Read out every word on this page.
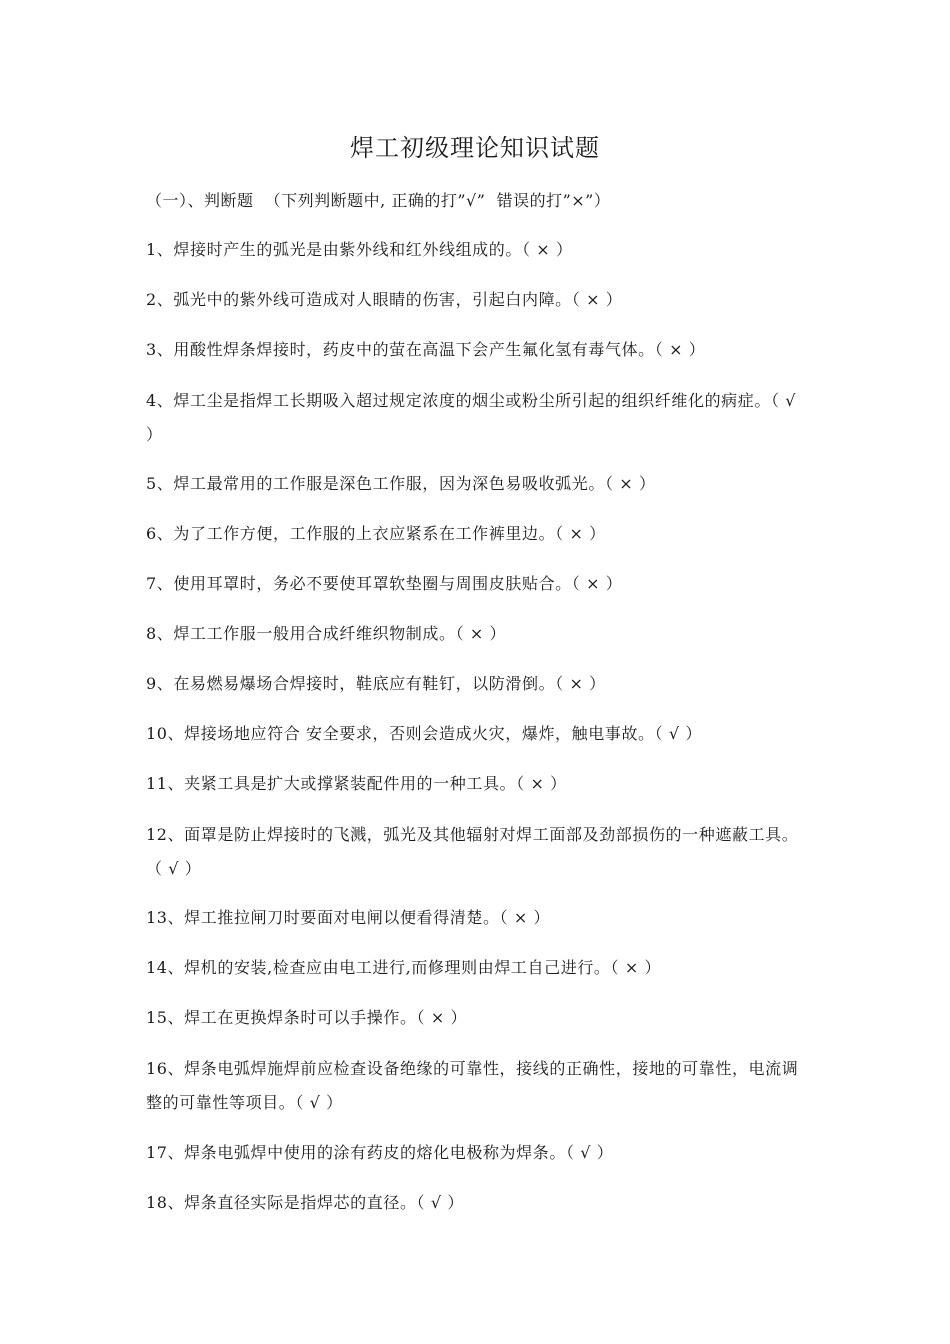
焊工初级理论知识试题
（一）、判断题  （下列判断题中, 正确的打”√”  错误的打”×”）
1、焊接时产生的弧光是由紫外线和红外线组成的。（ × ）
2、弧光中的紫外线可造成对人眼睛的伤害，引起白内障。（ × ）
3、用酸性焊条焊接时，药皮中的萤在高温下会产生氟化氢有毒气体。（ × ）
4、焊工尘是指焊工长期吸入超过规定浓度的烟尘或粉尘所引起的组织纤维化的病症。（ √ ）
5、焊工最常用的工作服是深色工作服，因为深色易吸收弧光。（ × ）
6、为了工作方便，工作服的上衣应紧系在工作裤里边。（ × ）
7、使用耳罩时，务必不要使耳罩软垫圈与周围皮肤贴合。（ × ）
8、焊工工作服一般用合成纤维织物制成。（ × ）
9、在易燃易爆场合焊接时，鞋底应有鞋钉，以防滑倒。（ × ）
10、焊接场地应符合 安全要求，否则会造成火灾，爆炸，触电事故。（ √ ）
11、夹紧工具是扩大或撑紧装配件用的一种工具。（ × ）
12、面罩是防止焊接时的飞溅，弧光及其他辐射对焊工面部及劲部损伤的一种遮蔽工具。（ √ ）
13、焊工推拉闸刀时要面对电闸以便看得清楚。（ × ）
14、焊机的安装,检查应由电工进行,而修理则由焊工自己进行。（ × ）
15、焊工在更换焊条时可以手操作。（ × ）
16、焊条电弧焊施焊前应检查设备绝缘的可靠性，接线的正确性，接地的可靠性，电流调整的可靠性等项目。（ √ ）
17、焊条电弧焊中使用的涂有药皮的熔化电极称为焊条。（ √ ）
18、焊条直径实际是指焊芯的直径。（ √ ）
